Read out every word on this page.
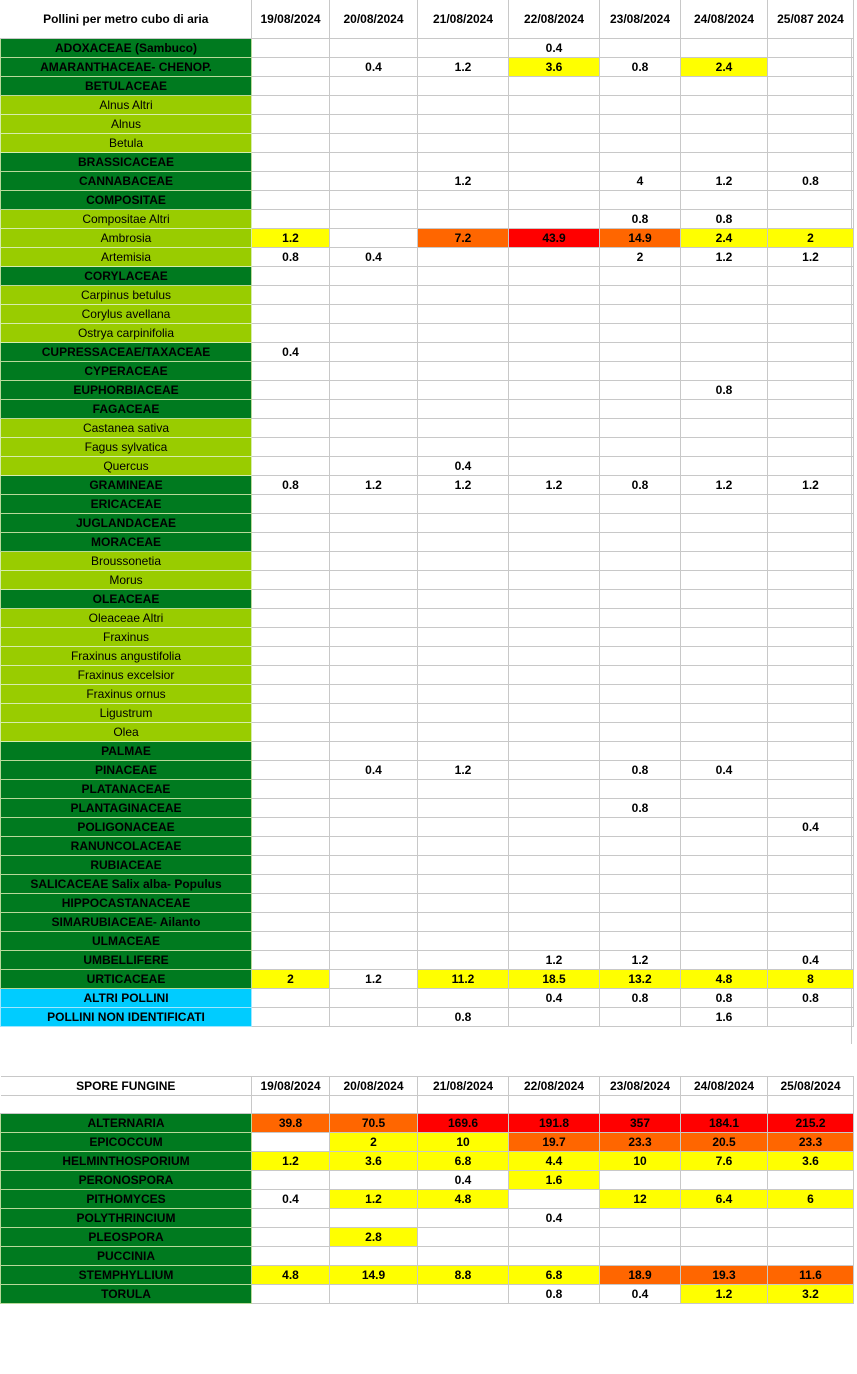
Pollini per metro cubo di aria	19/08/2024	20/08/2024	21/08/2024	22/08/2024	23/08/2024	24/08/2024	25/087 2024
ADOXACEAE (Sambuco)				0.4			
AMARANTHACEAE- CHENOP.		0.4	1.2	3.6	0.8	2.4	
BETULACEAE							
Alnus Altri							
Alnus							
Betula							
BRASSICACEAE							
CANNABACEAE			1.2		4	1.2	0.8
COMPOSITAE							
Compositae Altri					0.8	0.8	
Ambrosia	1.2		7.2	43.9	14.9	2.4	2
Artemisia	0.8	0.4			2	1.2	1.2
CORYLACEAE							
Carpinus betulus							
Corylus avellana							
Ostrya carpinifolia							
CUPRESSACEAE/TAXACEAE	0.4						
CYPERACEAE							
EUPHORBIACEAE						0.8	
FAGACEAE							
Castanea sativa							
Fagus sylvatica							
Quercus			0.4				
GRAMINEAE	0.8	1.2	1.2	1.2	0.8	1.2	1.2
ERICACEAE							
JUGLANDACEAE							
MORACEAE							
Broussonetia							
Morus							
OLEACEAE							
Oleaceae Altri							
Fraxinus							
Fraxinus angustifolia							
Fraxinus excelsior							
Fraxinus ornus							
Ligustrum							
Olea							
PALMAE							
PINACEAE		0.4	1.2		0.8	0.4	
PLATANACEAE							
PLANTAGINACEAE					0.8		
POLIGONACEAE							0.4
RANUNCOLACEAE							
RUBIACEAE							
SALICACEAE Salix alba- Populus							
HIPPOCASTANACEAE							
SIMARUBIACEAE- Ailanto							
ULMACEAE							
UMBELLIFERE				1.2	1.2		0.4
URTICACEAE	2	1.2	11.2	18.5	13.2	4.8	8
ALTRI POLLINI				0.4	0.8	0.8	0.8
POLLINI NON IDENTIFICATI			0.8			1.6	
SPORE FUNGINE	19/08/2024	20/08/2024	21/08/2024	22/08/2024	23/08/2024	24/08/2024	25/08/2024

ALTERNARIA	39.8	70.5	169.6	191.8	357	184.1	215.2
EPICOCCUM		2	10	19.7	23.3	20.5	23.3
HELMINTHOSPORIUM	1.2	3.6	6.8	4.4	10	7.6	3.6
PERONOSPORA			0.4	1.6			
PITHOMYCES	0.4	1.2	4.8		12	6.4	6
POLYTHRINCIUM				0.4			
PLEOSPORA		2.8					
PUCCINIA							
STEMPHYLLIUM	4.8	14.9	8.8	6.8	18.9	19.3	11.6
TORULA				0.8	0.4	1.2	3.2
